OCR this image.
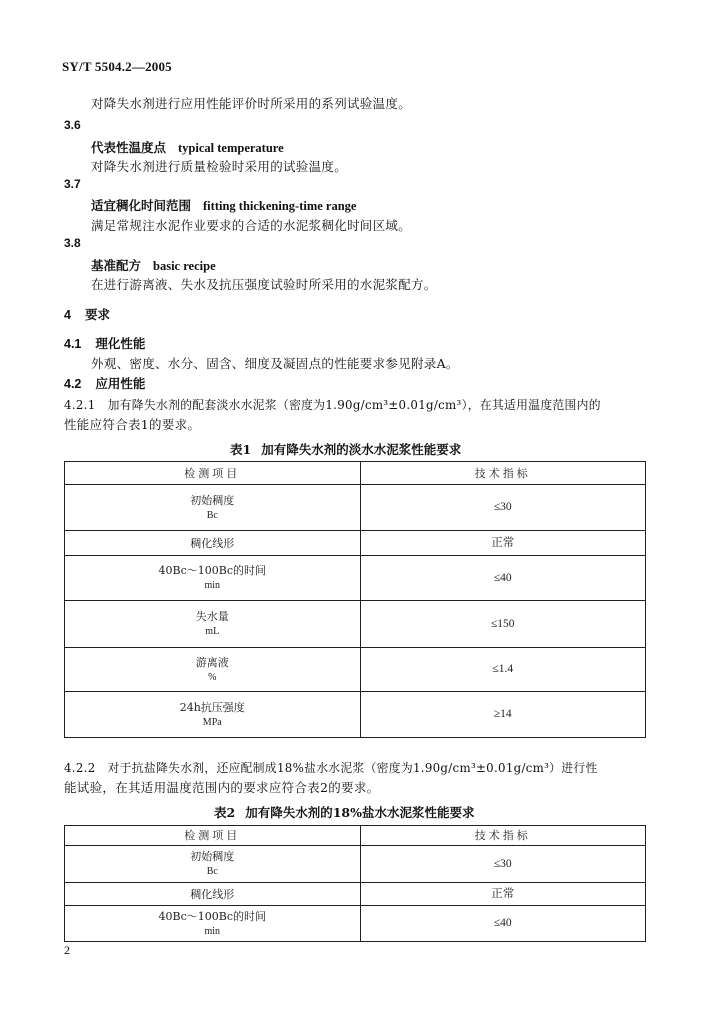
SY/T 5504.2—2005
对降失水剂进行应用性能评价时所采用的系列试验温度。
3.6
代表性温度点 typical temperature
对降失水剂进行质量检验时采用的试验温度。
3.7
适宜稠化时间范围 fitting thickening-time range
满足常规注水泥作业要求的合适的水泥浆稠化时间区域。
3.8
基准配方 basic recipe
在进行游离液、失水及抗压强度试验时所采用的水泥浆配方。
4 要求
4.1 理化性能
外观、密度、水分、固含、细度及凝固点的性能要求参见附录A。
4.2 应用性能
4.2.1　加有降失水剂的配套淡水水泥浆（密度为1.90g/cm³±0.01g/cm³），在其适用温度范围内的
性能应符合表1的要求。
表1 加有降失水剂的淡水水泥浆性能要求
检测项目	技术指标
初始稠度
Bc	≤30
稠化线形	正常
40Bc～100Bc的时间
min	≤40
失水量
mL	≤150
游离液
%	≤1.4
24h抗压强度
MPa	≥14
4.2.2　对于抗盐降失水剂，还应配制成18%盐水水泥浆（密度为1.90g/cm³±0.01g/cm³）进行性
能试验，在其适用温度范围内的要求应符合表2的要求。
表2 加有降失水剂的18%盐水水泥浆性能要求
检测项目	技术指标
初始稠度
Bc	≤30
稠化线形	正常
40Bc～100Bc的时间
min	≤40
2
